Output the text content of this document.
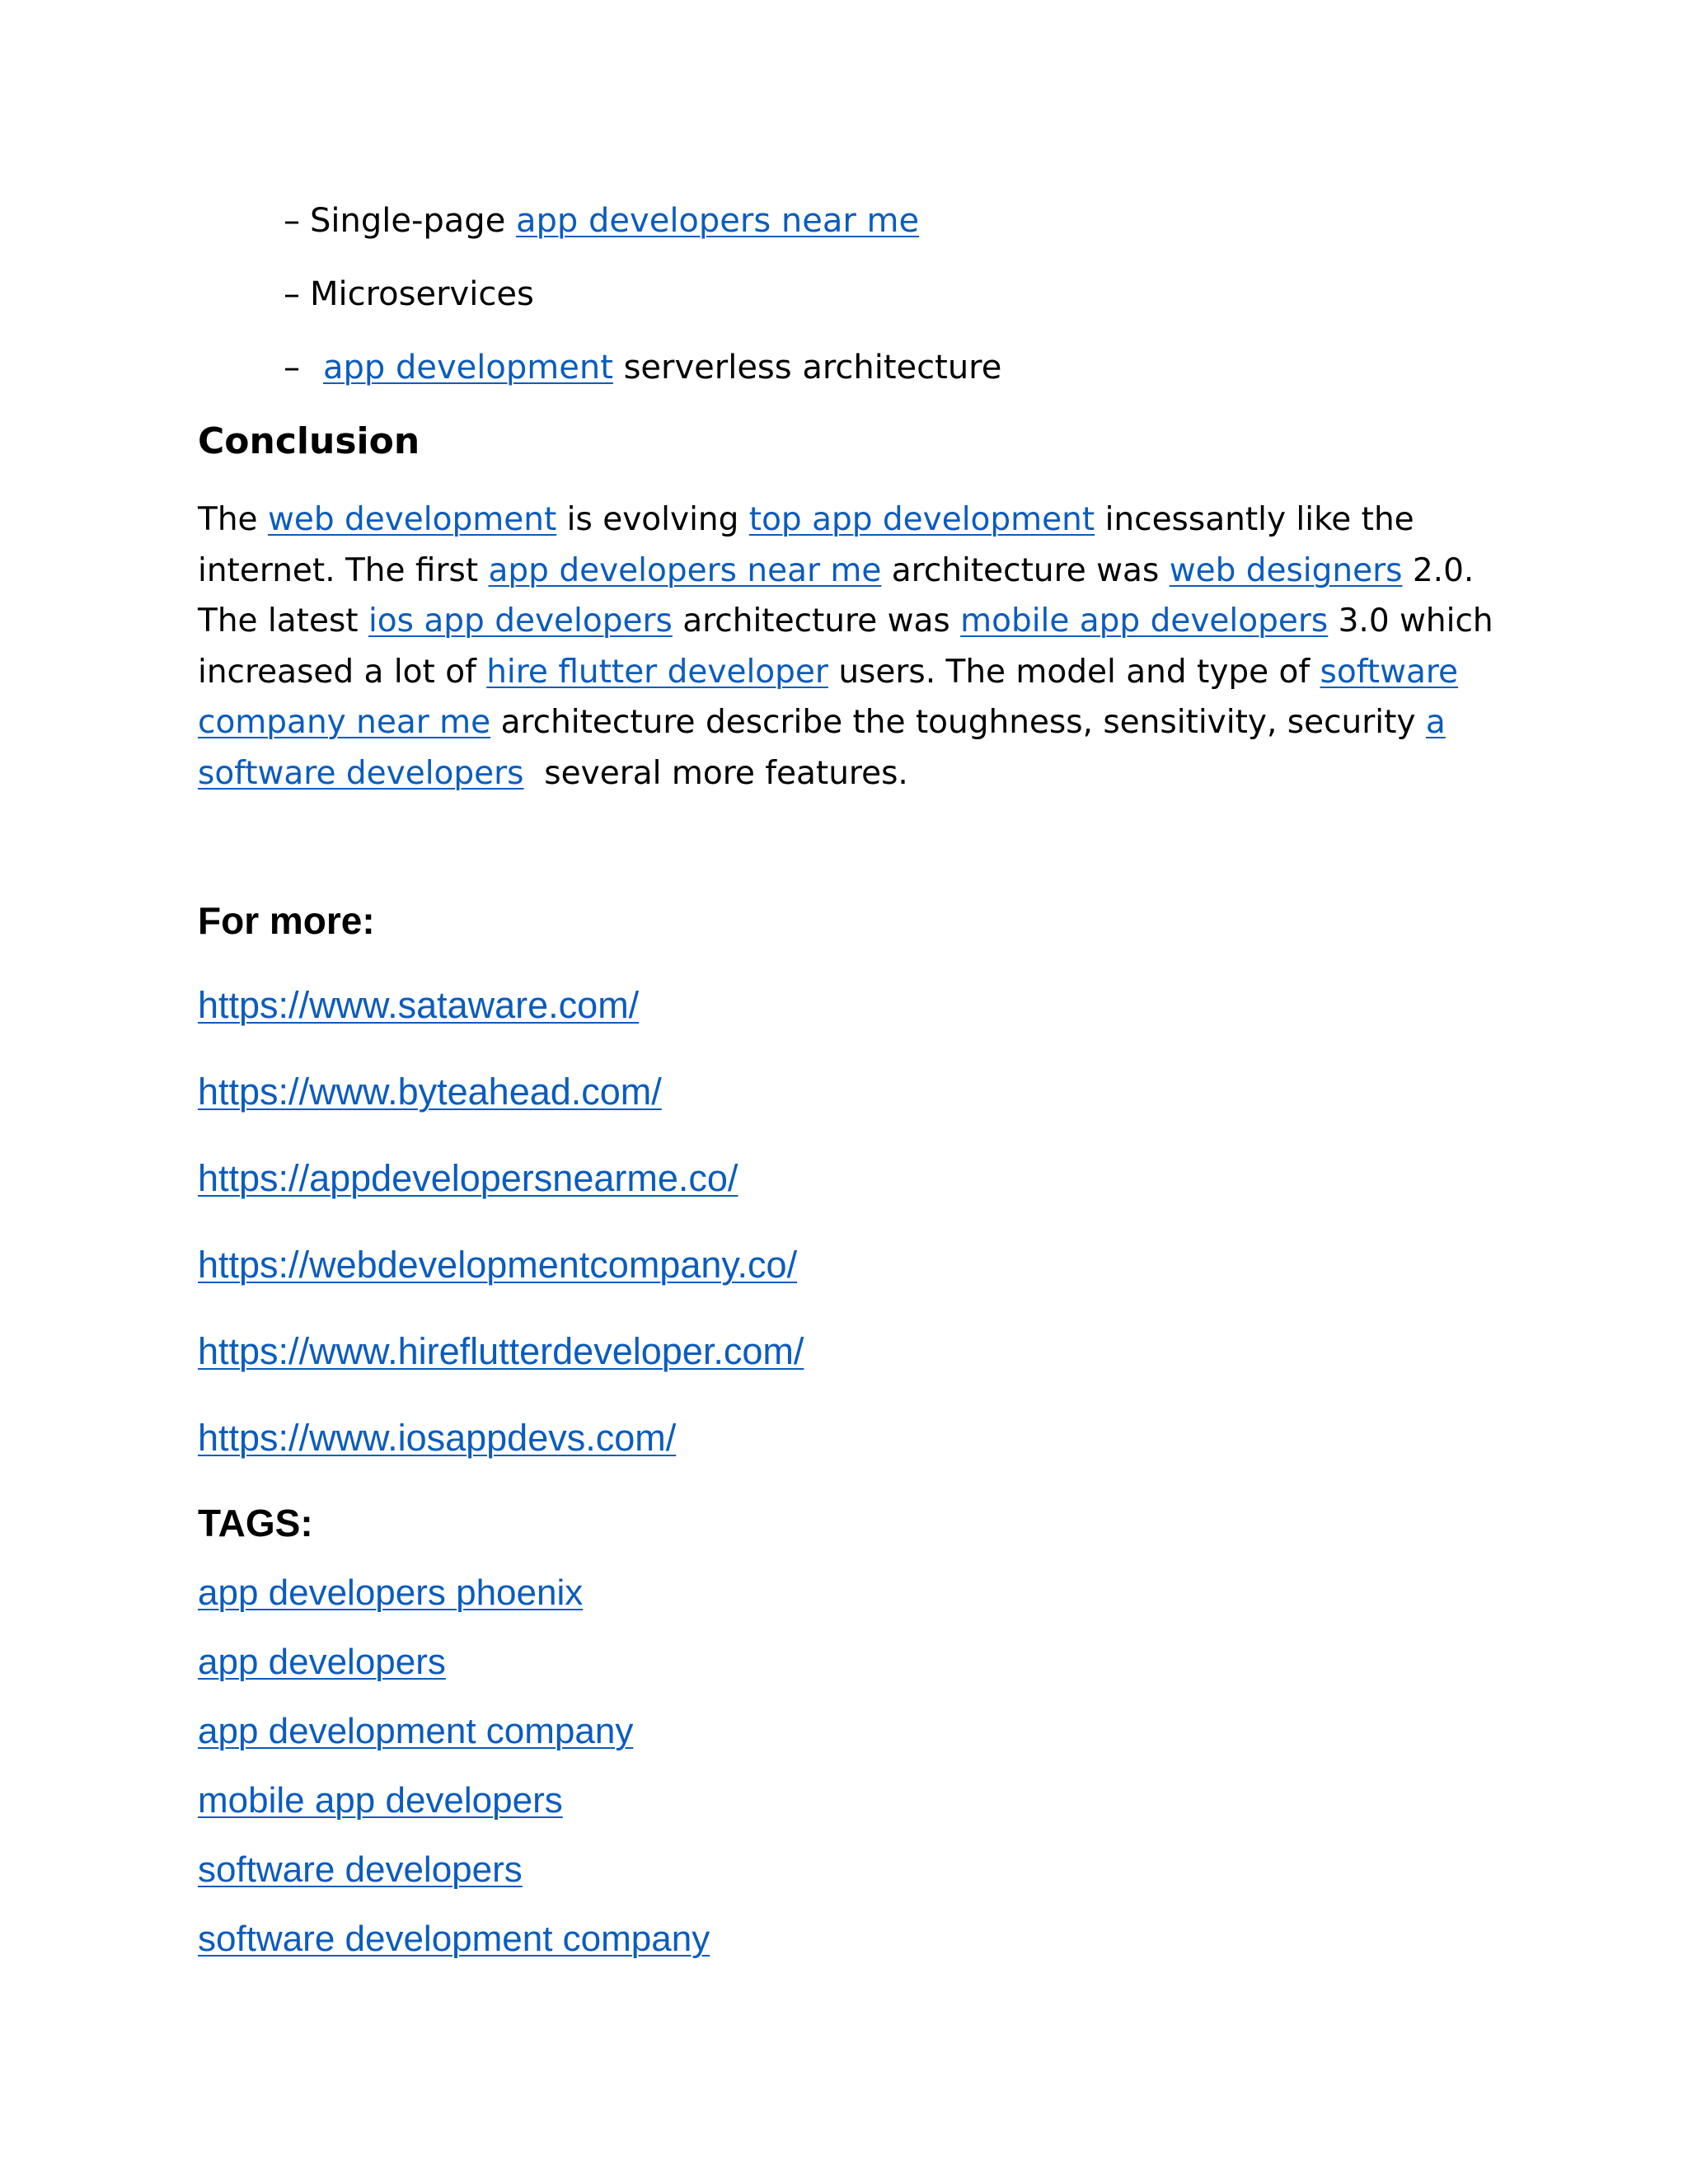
– Single-page app developers near me
– Microservices
– app development serverless architecture
Conclusion

The web development is evolving top app development incessantly like the
internet. The first app developers near me architecture was web designers 2.0.
The latest ios app developers architecture was mobile app developers 3.0 which
increased a lot of hire flutter developer users. The model and type of software
company near me architecture describe the toughness, sensitivity, security a
software developers  several more features.

For more:
https://www.sataware.com/
https://www.byteahead.com/
https://appdevelopersnearme.co/
https://webdevelopmentcompany.co/
https://www.hireflutterdeveloper.com/
https://www.iosappdevs.com/
TAGS:
app developers phoenix
app developers
app development company
mobile app developers
software developers
software development company
